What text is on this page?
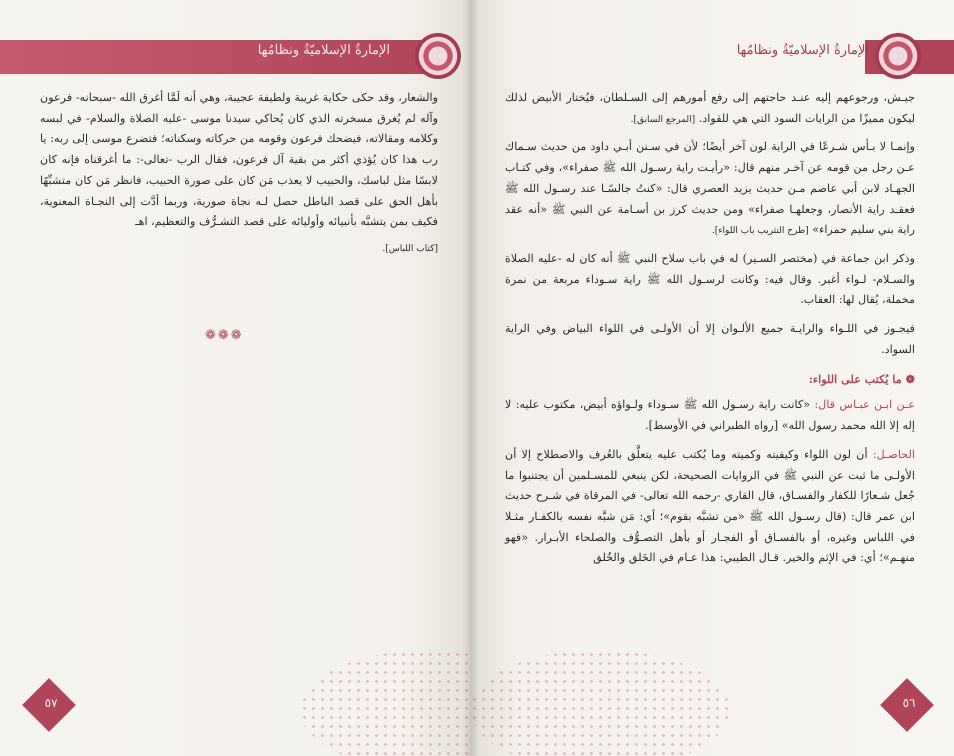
الإمارةُ الإسلاميّةُ ونظامُها

والشعار، وقد حكى حكاية غريبة ولطيفة عجيبة، وهي أنه لَمَّا أغرق الله -سبحانه- فرعون وآله لم يُغرق مسخرته الذي كان يُحاكي سيدنا موسى -عليه الصلاة والسلام- في لبسه وكلامه ومقالاته، فيضحك فرعون وقومه من حركاته وسكناته؛ فتضرع موسى إلى ربه: يا رب هذا كان يُؤذي أكثر من بقية آل فرعون، فقال الرب -تعالى-: ما أغرقناه فإنه كان لابسًا مثل لباسك، والحبيب لا يعذب مَن كان على صورة الحبيب، فانظر مَن كان متشبِّهًا بأهل الحق على قصد الباطل حصل لـه نجاة صورية، وربما أدَّت إلى النجـاة المعنوية، فكيف بمن يتشبَّه بأنبيائه وأوليائه على قصد التشـرُّف والتعظيم، اهـ

[كتاب اللباس].

❁❁❁
٥٧
الإمارةُ الإسلاميّةُ ونظامُها

جيـش، ورجوعهم إليه عنـد حاجتهم إلى رفع أمورهم إلى السـلطان، فيُختار الأبيض لذلك ليكون مميزًا من الرايات السود التي هي للقواد. [المرجع السابق].

وإنمـا لا بـأس شـرعًا في الراية لون آخر أيضًا؛ لأن في سـنن أبـي داود من حديث سـماك عـن رجل من قومه عن آخـر منهم قال: «رأيـت راية رسـول الله ﷺ صفراء»، وفي كتـاب الجهـاد لابن أبي عاصم مـن حديث يزيد العصري قال: «كنتُ جالسًـا عند رسـول الله ﷺ فعقـد راية الأنصار، وجعلهـا صفراء» ومن حديث كرز بن أسـامة عن النبي ﷺ «أنه عقد راية بني سليم حمراء» [طرح التثريب باب اللواء].

وذكر ابن جماعة في (مختصر السـير) له في باب سلاح النبي ﷺ أنه كان له -عليه الصلاة والسـلام- لـواء أغبر. وقال فيه: وكانت لرسـول الله ﷺ راية سـوداء مربعة من نمرة مخملة، يُقال لها: العقاب.

فيجـوز في اللـواء والرايـة جميع الألـوان إلا أن الأولـى في اللواء البياض وفي الراية السواد.

❁ ما يُكتب على اللواء:

عـن ابـن عبـاس قال: «كانت راية رسـول الله ﷺ سـوداء ولـواؤه أبيض، مكتوب عليه: لا إله إلا الله محمد رسول الله» [رواه الطبراني في الأوسط].

الحاصـل: أن لون اللواء وكيفيته وكميته وما يُكتب عليه يتعلَّق بالعُرف والاصطلاح إلا أن الأولـى ما ثبت عن النبي ﷺ في الروايات الصحيحة، لكن ينبغي للمسـلمين أن يجتنبوا ما جُعل شـعارًا للكفار والفسـاق، قال القاري -رحمه الله تعالى- في المرقاة في شـرح حديث ابن عمر قال: (قال رسـول الله ﷺ «من تشبَّه بقوم»؛ أي: مَن شبَّه نفسه بالكفـار مثـلا في اللباس وغيره، أو بالفسـاق أو الفجـار أو بأهل التصـوُّف والصلحاء الأبـرار. «فهو منهـم»؛ أي: في الإثم والخير. قـال الطيبي: هذا عـام في الخَلق والخُلق

٥٦
